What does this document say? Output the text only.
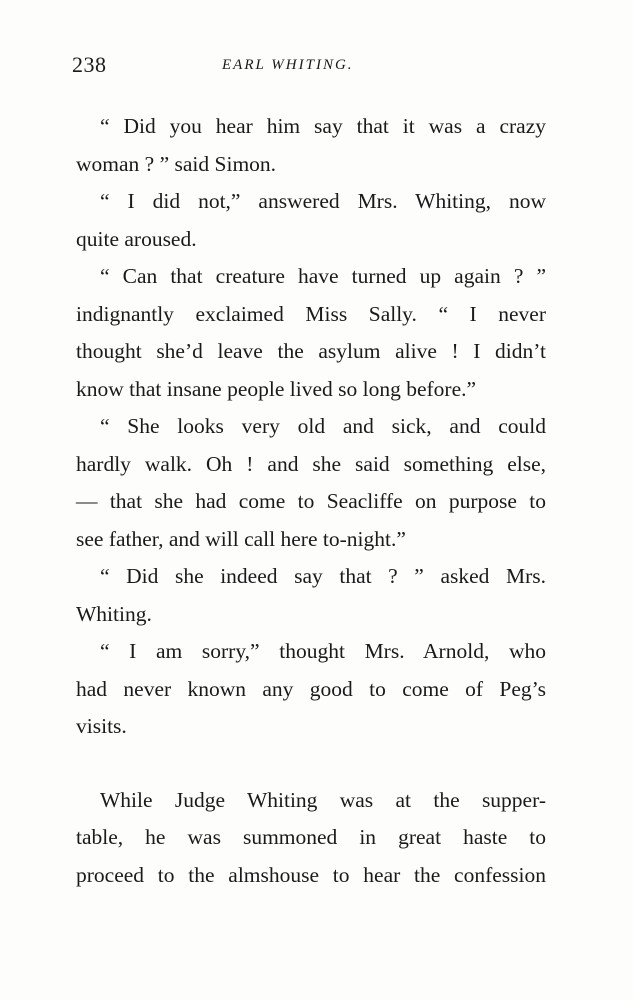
238	EARL WHITING.
“ Did you hear him say that it was a crazy
woman ? ” said Simon.
“ I did not,” answered Mrs. Whiting, now
quite aroused.
“ Can that creature have turned up again ? ”
indignantly exclaimed Miss Sally. “ I never
thought she’d leave the asylum alive ! I didn’t
know that insane people lived so long before.”
“ She looks very old and sick, and could
hardly walk. Oh ! and she said something else,
— that she had come to Seacliffe on purpose to
see father, and will call here to-night.”
“ Did she indeed say that ? ” asked Mrs.
Whiting.
“ I am sorry,” thought Mrs. Arnold, who
had never known any good to come of Peg’s
visits.
While Judge Whiting was at the supper-
table, he was summoned in great haste to
proceed to the almshouse to hear the confession
